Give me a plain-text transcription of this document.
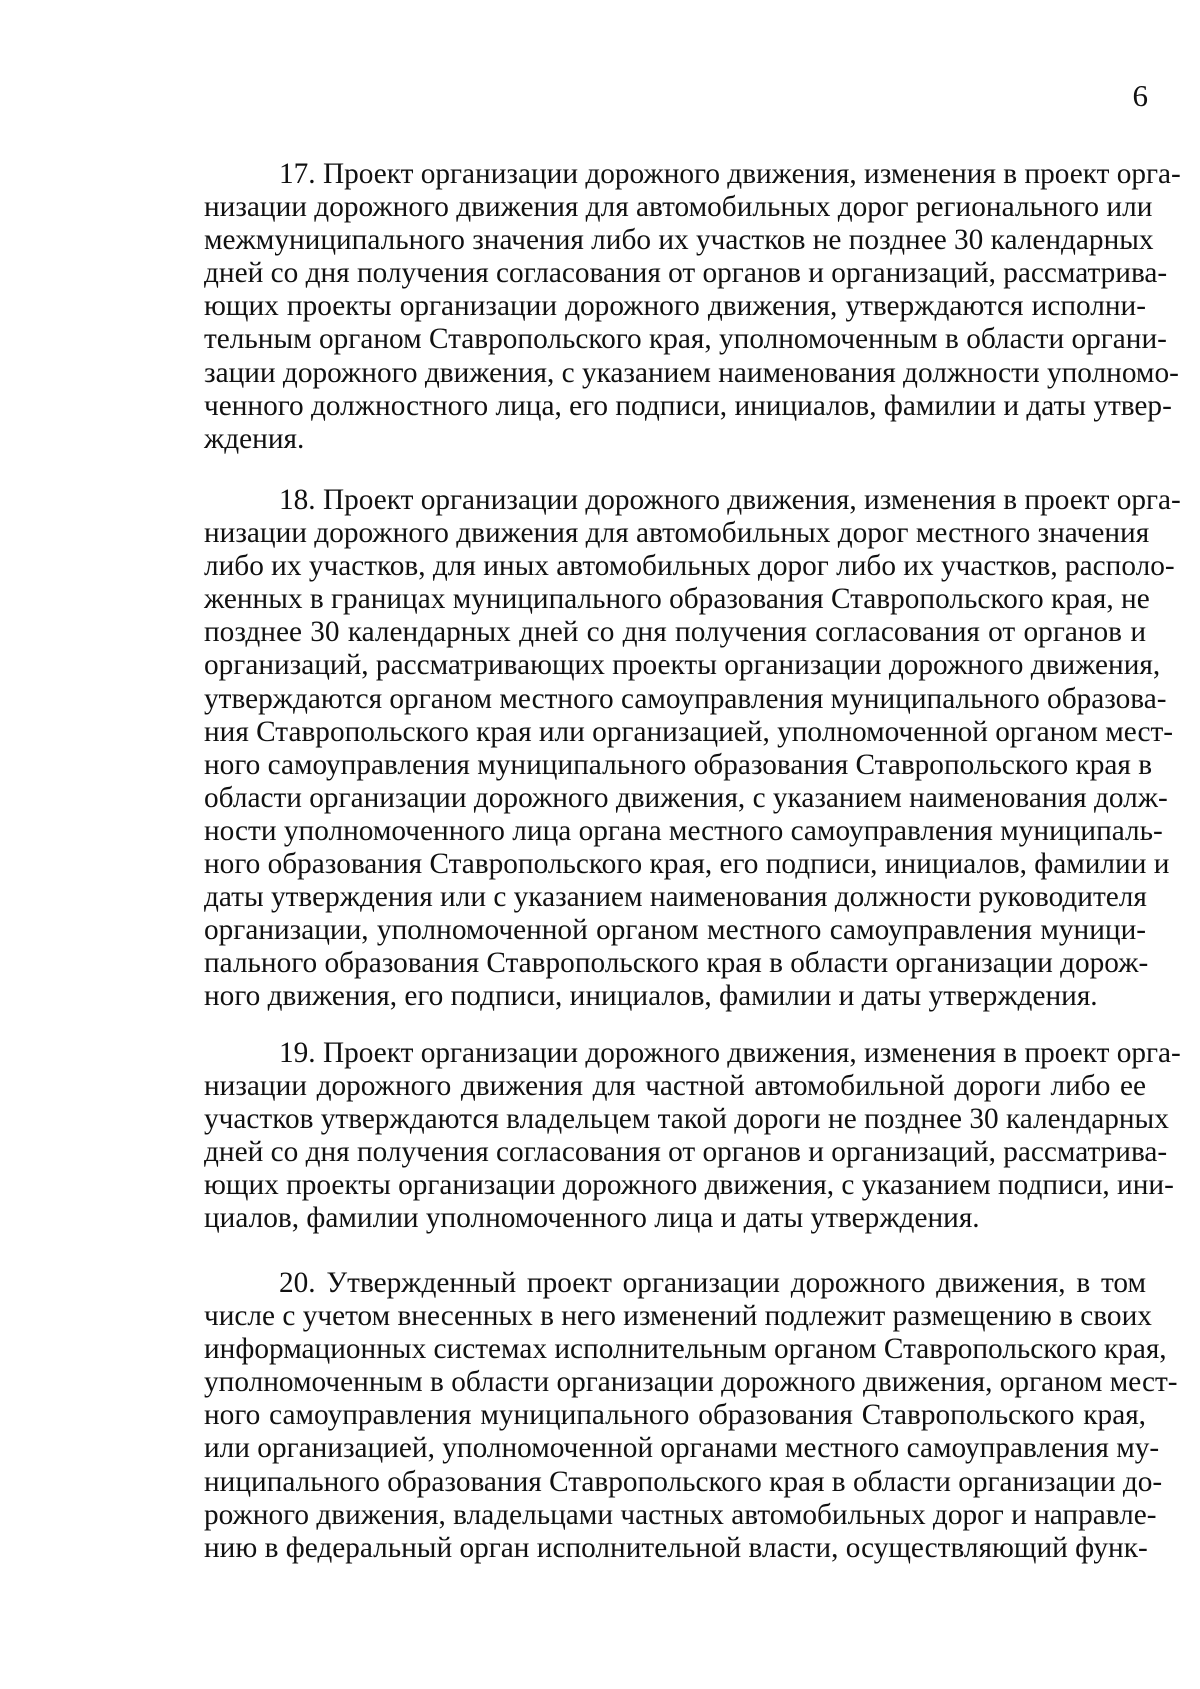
6
17. Проект организации дорожного движения, изменения в проект орга-
низации дорожного движения для автомобильных дорог регионального или
межмуниципального значения либо их участков не позднее 30 календарных
дней со дня получения согласования от органов и организаций, рассматрива-
ющих проекты организации дорожного движения, утверждаются исполни-
тельным органом Ставропольского края, уполномоченным в области органи-
зации дорожного движения, с указанием наименования должности уполномо-
ченного должностного лица, его подписи, инициалов, фамилии и даты утвер-
ждения.
18. Проект организации дорожного движения, изменения в проект орга-
низации дорожного движения для автомобильных дорог местного значения
либо их участков, для иных автомобильных дорог либо их участков, располо-
женных в границах муниципального образования Ставропольского края, не
позднее 30 календарных дней со дня получения согласования от органов и
организаций, рассматривающих проекты организации дорожного движения,
утверждаются органом местного самоуправления муниципального образова-
ния Ставропольского края или организацией, уполномоченной органом мест-
ного самоуправления муниципального образования Ставропольского края в
области организации дорожного движения, с указанием наименования долж-
ности уполномоченного лица органа местного самоуправления муниципаль-
ного образования Ставропольского края, его подписи, инициалов, фамилии и
даты утверждения или с указанием наименования должности руководителя
организации, уполномоченной органом местного самоуправления муници-
пального образования Ставропольского края в области организации дорож-
ного движения, его подписи, инициалов, фамилии и даты утверждения.
19. Проект организации дорожного движения, изменения в проект орга-
низации дорожного движения для частной автомобильной дороги либо ее
участков утверждаются владельцем такой дороги не позднее 30 календарных
дней со дня получения согласования от органов и организаций, рассматрива-
ющих проекты организации дорожного движения, с указанием подписи, ини-
циалов, фамилии уполномоченного лица и даты утверждения.
20. Утвержденный проект организации дорожного движения, в том
числе с учетом внесенных в него изменений подлежит размещению в своих
информационных системах исполнительным органом Ставропольского края,
уполномоченным в области организации дорожного движения, органом мест-
ного самоуправления муниципального образования Ставропольского края,
или организацией, уполномоченной органами местного самоуправления му-
ниципального образования Ставропольского края в области организации до-
рожного движения, владельцами частных автомобильных дорог и направле-
нию в федеральный орган исполнительной власти, осуществляющий функ-
